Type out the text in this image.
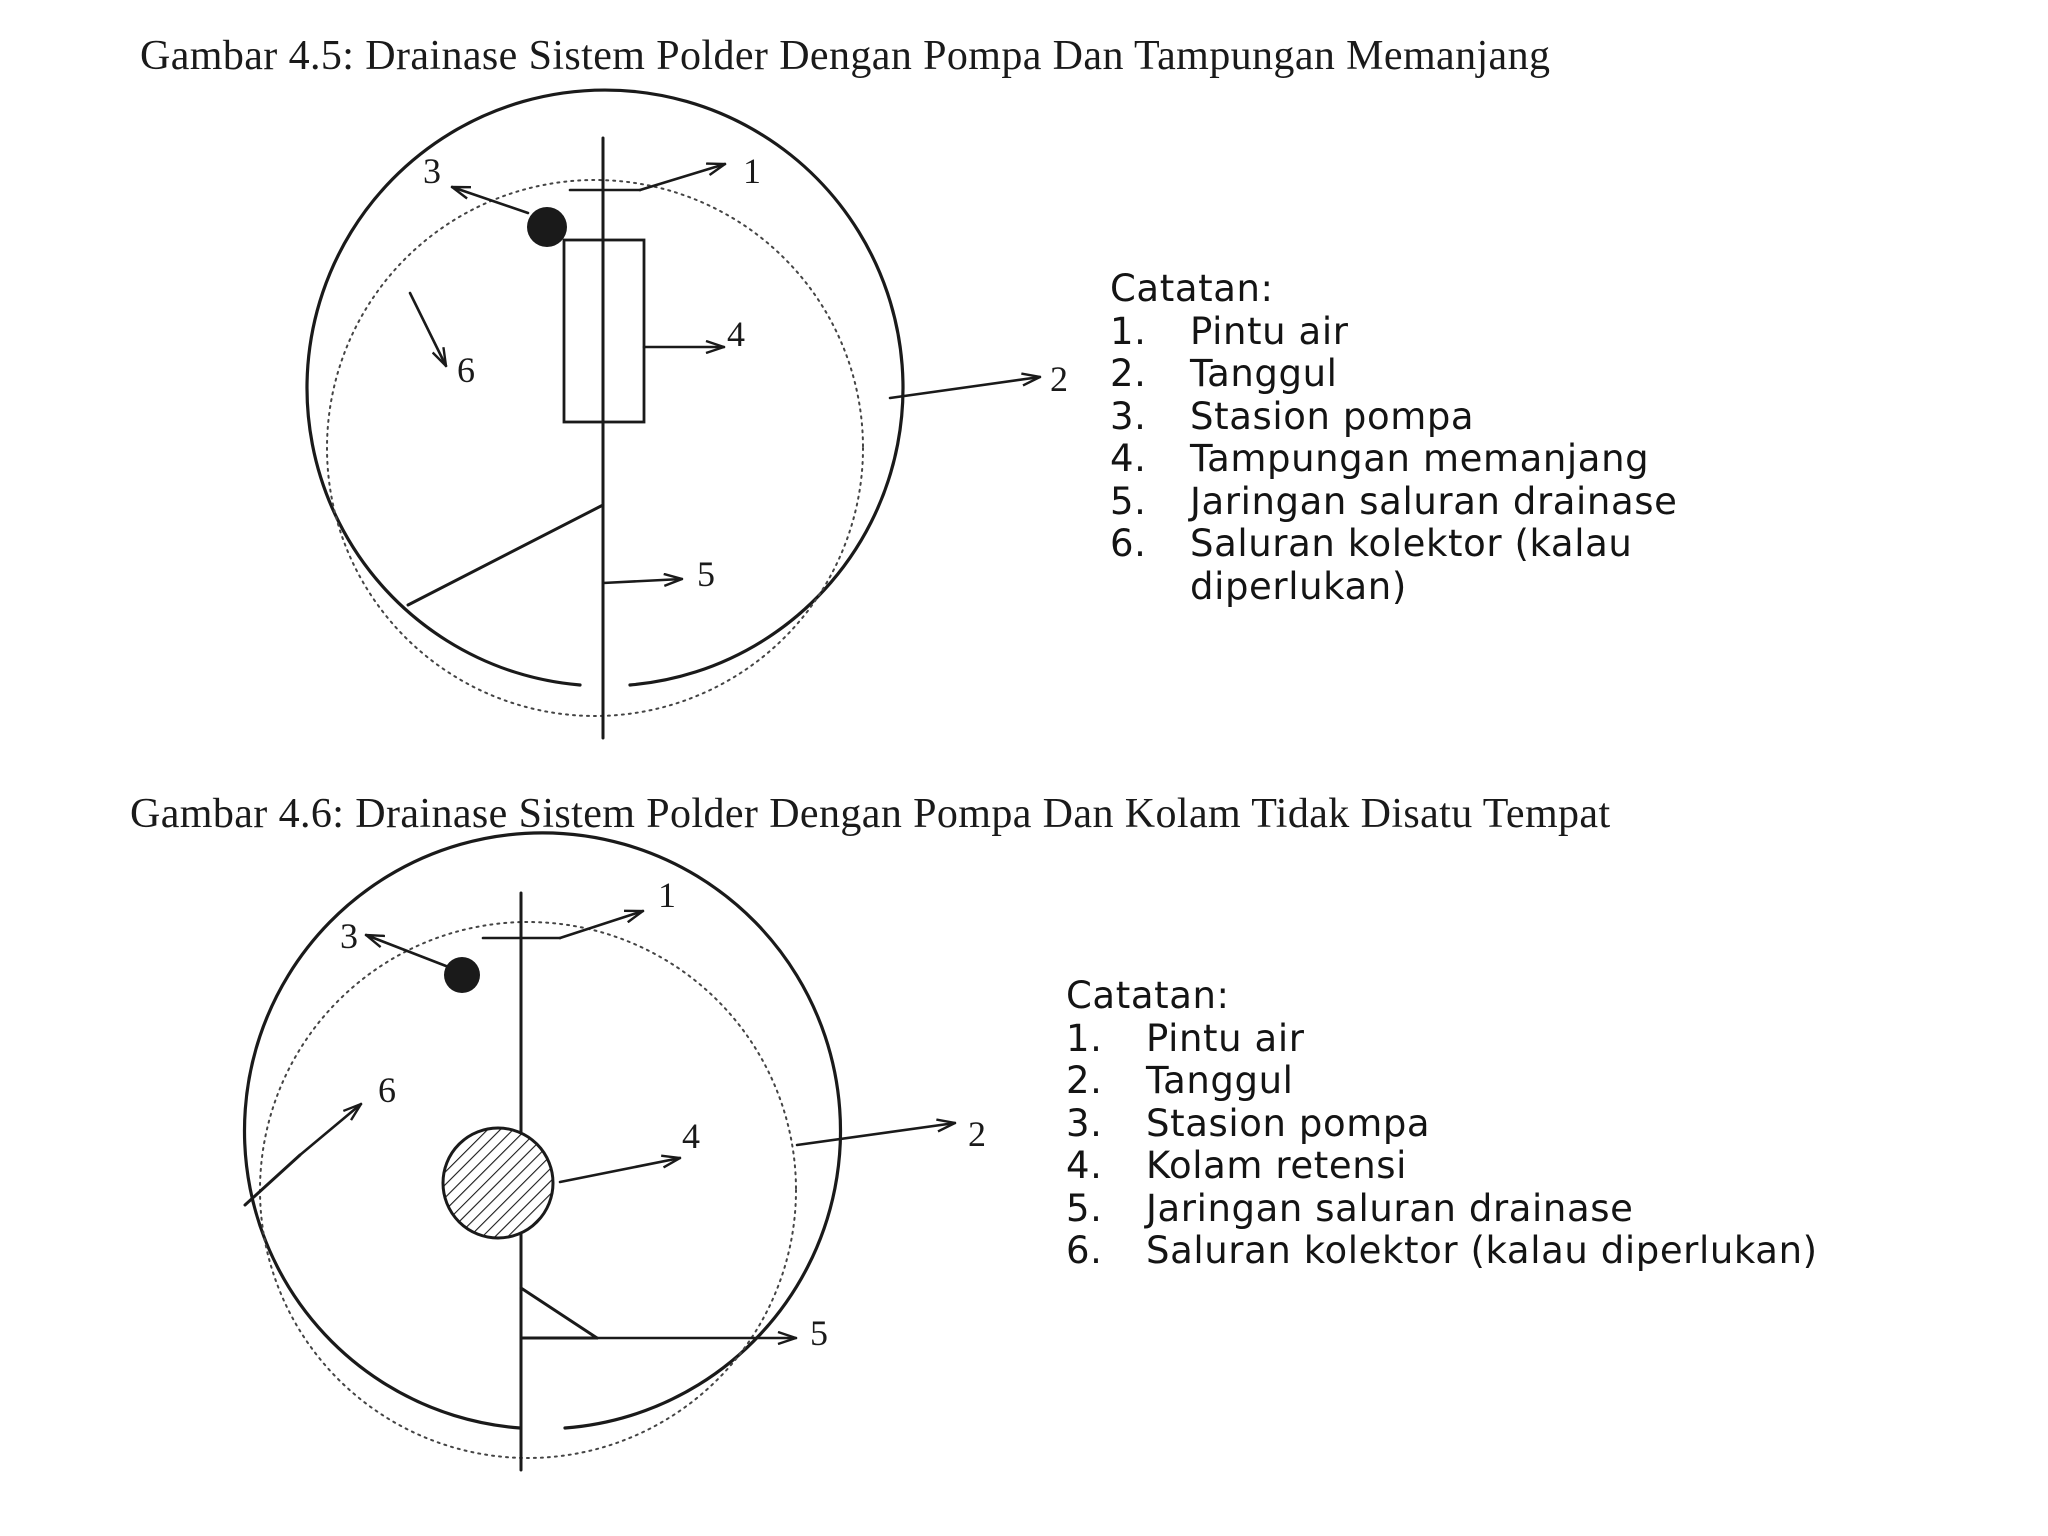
Gambar 4.5: Drainase Sistem Polder Dengan Pompa Dan Tampungan Memanjang
Gambar 4.6: Drainase Sistem Polder Dengan Pompa Dan Kolam Tidak Disatu Tempat
1
2
3
4
5
6
1
2
3
4
5
6
Catatan:
1.	Pintu air
2.	Tanggul
3.	Stasion pompa
4.	Tampungan memanjang
5.	Jaringan saluran drainase
6.	Saluran kolektor (kalau diperlukan)
Catatan:
1.	Pintu air
2.	Tanggul
3.	Stasion pompa
4.	Kolam retensi
5.	Jaringan saluran drainase
6.	Saluran kolektor (kalau diperlukan)
